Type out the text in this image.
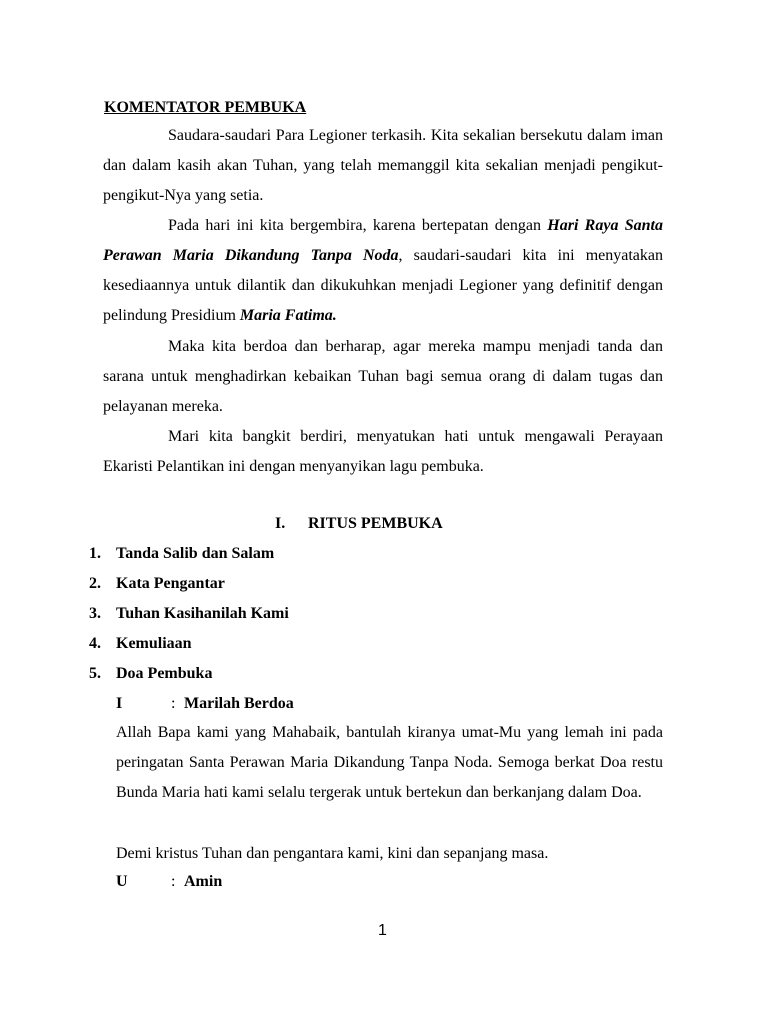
KOMENTATOR PEMBUKA

Saudara-saudari Para Legioner terkasih. Kita sekalian bersekutu dalam iman dan dalam kasih akan Tuhan, yang telah memanggil kita sekalian menjadi pengikut-pengikut-Nya yang setia.

Pada hari ini kita bergembira, karena bertepatan dengan Hari Raya Santa Perawan Maria Dikandung Tanpa Noda, saudari-saudari kita ini menyatakan kesediaannya untuk dilantik dan dikukuhkan menjadi Legioner yang definitif dengan pelindung Presidium Maria Fatima.

Maka kita berdoa dan berharap, agar mereka mampu menjadi tanda dan sarana untuk menghadirkan kebaikan Tuhan bagi semua orang di dalam tugas dan pelayanan mereka.

Mari kita bangkit berdiri, menyatukan hati untuk mengawali Perayaan Ekaristi Pelantikan ini dengan menyanyikan lagu pembuka.

I. RITUS PEMBUKA
1. Tanda Salib dan Salam
2. Kata Pengantar
3. Tuhan Kasihanilah Kami
4. Kemuliaan
5. Doa Pembuka
I	: Marilah Berdoa

Allah Bapa kami yang Mahabaik, bantulah kiranya umat-Mu yang lemah ini pada peringatan Santa Perawan Maria Dikandung Tanpa Noda. Semoga berkat Doa restu Bunda Maria hati kami selalu tergerak untuk bertekun dan berkanjang dalam Doa.

Demi kristus Tuhan dan pengantara kami, kini dan sepanjang masa.
U	: Amin
1
